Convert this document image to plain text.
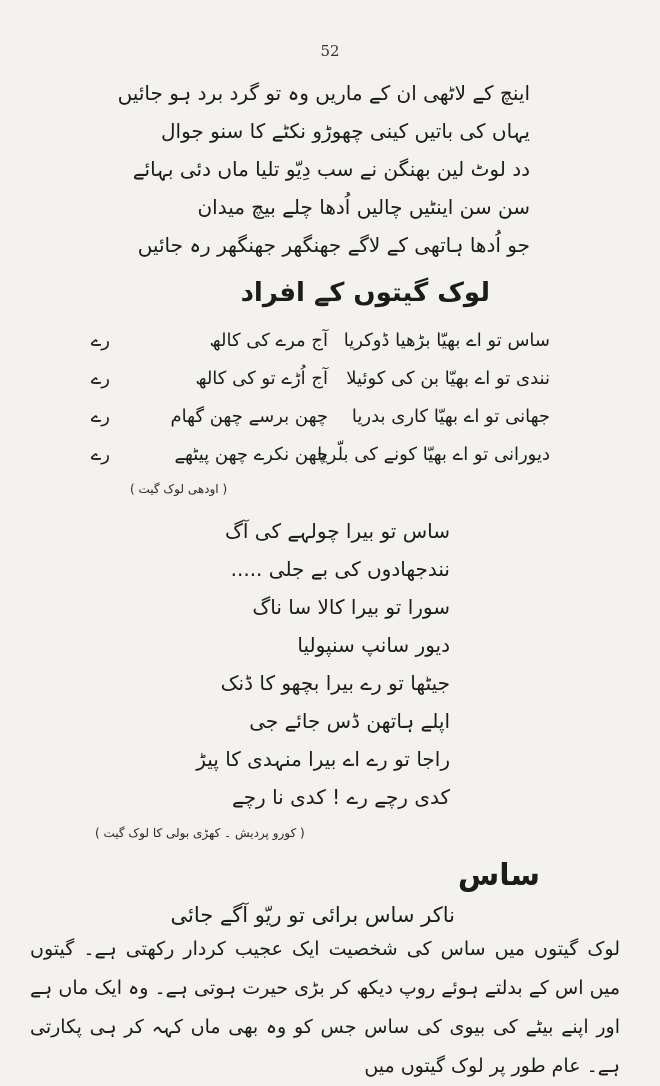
52
اینچ کے لاٹھی ان کے ماریں وہ تو گرد برد ہو جائیں
یہاں کی باتیں کینی چھوڑو نکٹے کا سنو جوال
دد لوٹ لین بھنگن نے سب دِیّو تلیا ماں دئی بہائے
سن سن اینٹیں چالیں اُدھا چلے بیچ میدان
جو اُدھا ہاتھی کے لاگے جھنگھر جھنگھر رہ جائیں
لوک گیتوں کے افراد
ساس تو اے بھیّا بڑھیا ڈوکریا
آج مرے کی کالھ
رے
نندی تو اے بھیّا بن کی کوئیلا
آج اُڑے تو کی کالھ
رے
جھانی تو اے بھیّا کاری بدریا
چھن برسے چھن گھام
رے
دیورانی تو اے بھیّا کونے کی بلّریا
چھن نکرے چھن پیٹھے
رے
( اودھی لوک گیت )
ساس تو بیرا چولہے کی آگ
نندجھادوں کی بے جلی .....
سورا تو بیرا کالا سا ناگ
دیور سانپ سنپولیا
جیٹھا تو رے بیرا بچھو کا ڈنک
اپلے ہاتھن ڈس جائے جی
راجا تو رے اے بیرا منہدی کا پیڑ
کدی رچے رے ! کدی نا رچے
( کورو پردیش ۔ کھڑی بولی کا لوک گیت )
ساس
ناکر ساس برائی تو ریّو آگے جائی
لوک گیتوں میں ساس کی شخصیت ایک عجیب کردار رکھتی ہے۔ گیتوں میں اس کے بدلتے ہوئے روپ دیکھ کر بڑی حیرت ہوتی ہے۔ وہ ایک ماں ہے اور اپنے بیٹے کی بیوی کی ساس جس کو وہ بھی ماں کہہ کر ہی پکارتی ہے۔ عام طور پر لوک گیتوں میں
